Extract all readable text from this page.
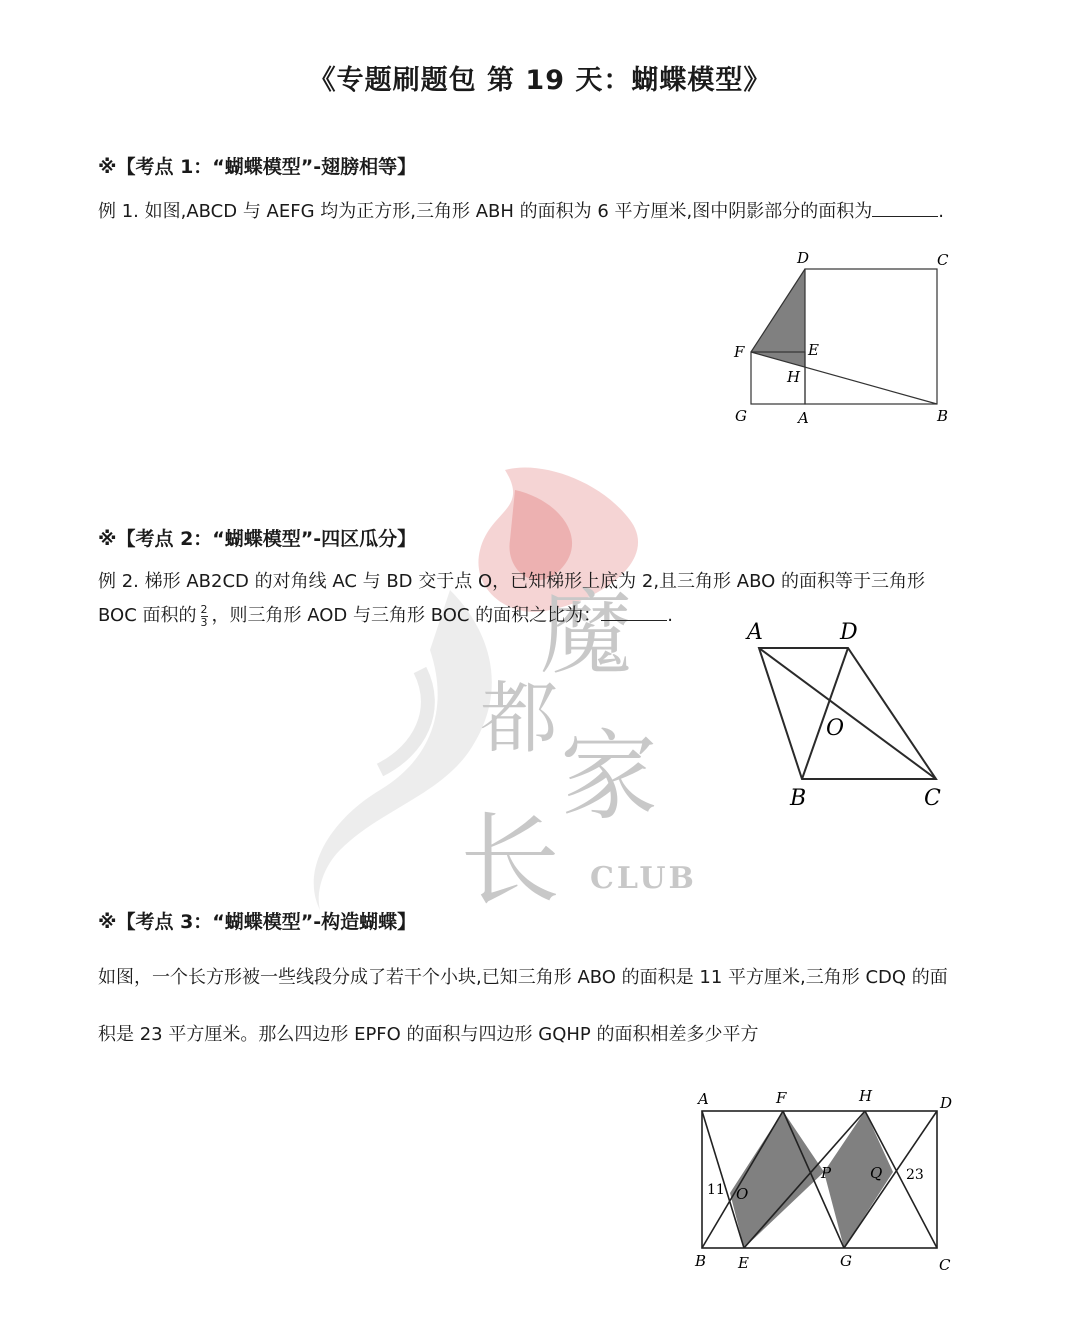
魔
都
家
长 CLUB
《专题刷题包 第 19 天：蝴蝶模型》
※【考点 1：“蝴蝶模型”-翅膀相等】
例 1. 如图,ABCD 与 AEFG 均为正方形,三角形 ABH 的面积为 6 平方厘米,图中阴影部分的面积为	.
D	C
F	E
H
G	A	B
※【考点 2：“蝴蝶模型”-四区瓜分】
例 2. 梯形 AB2CD 的对角线 AC 与 BD 交于点 O，已知梯形上底为 2,且三角形 ABO 的面积等于三角形
BOC 面积的 $\frac{2}{3}$ ，则三角形 AOD 与三角形 BOC 的面积之比为：	.
A	D
O
B	C
※【考点 3：“蝴蝶模型”-构造蝴蝶】
如图，一个长方形被一些线段分成了若干个小块,已知三角形 ABO 的面积是 11 平方厘米,三角形 CDQ 的面
积是 23 平方厘米。那么四边形 EPFO 的面积与四边形 GQHP 的面积相差多少平方
A	F	H	D
B E	G	C
O
P	Q
11
23
